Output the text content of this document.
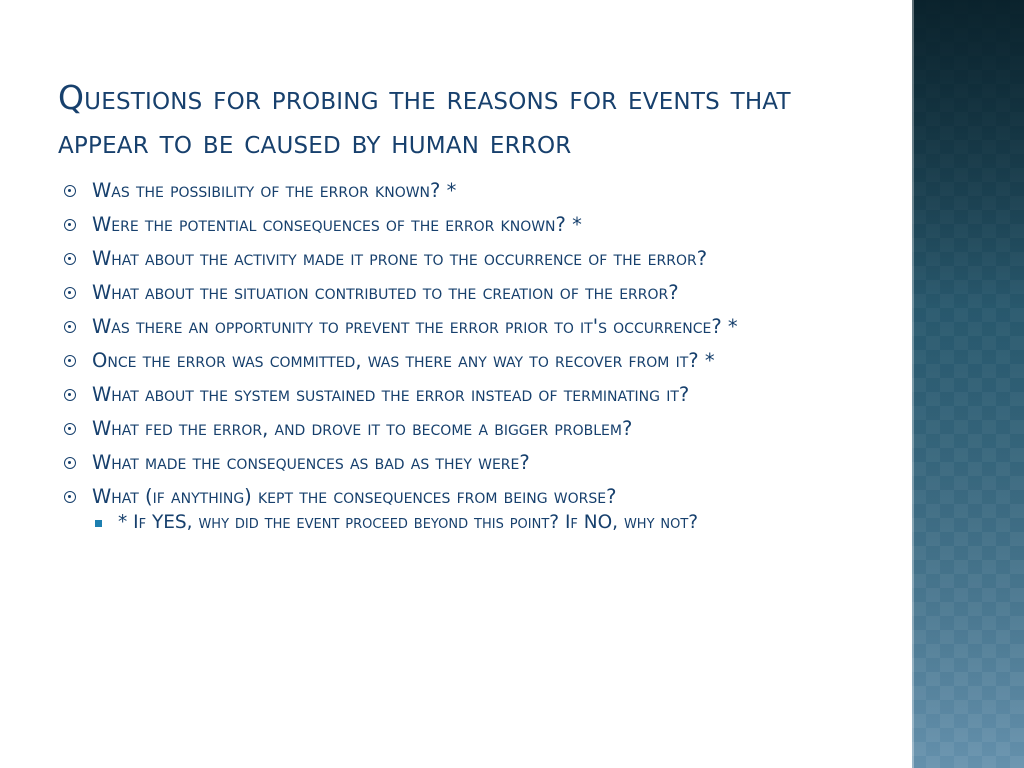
Questions for probing the reasons for events that appear to be caused by human error
Was the possibility of the error known? *
Were the potential consequences of the error known? *
What about the activity made it prone to the occurrence of the error?
What about the situation contributed to the creation of the error?
Was there an opportunity to prevent the error prior to it's occurrence? *
Once the error was committed, was there any way to recover from it? *
What about the system sustained the error instead of terminating it?
What fed the error, and drove it to become a bigger problem?
What made the consequences as bad as they were?
What (if anything) kept the consequences from being worse?
* If YES, why did the event proceed beyond this point? If NO, why not?
